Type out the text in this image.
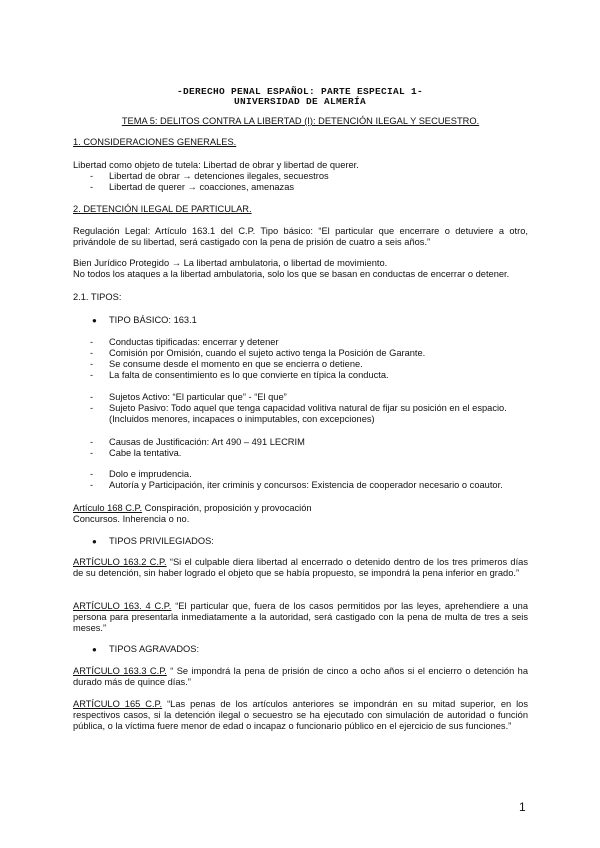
-DERECHO PENAL ESPAÑOL: PARTE ESPECIAL 1-
UNIVERSIDAD DE ALMERÍA
TEMA 5: DELITOS CONTRA LA LIBERTAD (I): DETENCIÓN ILEGAL Y SECUESTRO.
1. CONSIDERACIONES GENERALES.
Libertad como objeto de tutela: Libertad de obrar y libertad de querer.
- Libertad de obrar → detenciones ilegales, secuestros
- Libertad de querer → coacciones, amenazas
2. DETENCIÓN ILEGAL DE PARTICULAR.
Regulación Legal: Artículo 163.1 del C.P. Tipo básico: “El particular que encerrare o detuviere a otro, privándole de su libertad, será castigado con la pena de prisión de cuatro a seis años.”
Bien Jurídico Protegido → La libertad ambulatoria, o libertad de movimiento.
No todos los ataques a la libertad ambulatoria, solo los que se basan en conductas de encerrar o detener.
2.1. TIPOS:
● TIPO BÁSICO: 163.1
- Conductas tipificadas: encerrar y detener
- Comisión por Omisión, cuando el sujeto activo tenga la Posición de Garante.
- Se consume desde el momento en que se encierra o detiene.
- La falta de consentimiento es lo que convierte en típica la conducta.
- Sujetos Activo: “El particular que” - “El que”
- Sujeto Pasivo: Todo aquel que tenga capacidad volitiva natural de fijar su posición en el espacio. (Incluidos menores, incapaces o inimputables, con excepciones)
- Causas de Justificación: Art 490 – 491 LECRIM
- Cabe la tentativa.
- Dolo e imprudencia.
- Autoría y Participación, iter criminis y concursos: Existencia de cooperador necesario o coautor.
Artículo 168 C.P. Conspiración, proposición y provocación
Concursos. Inherencia o no.
● TIPOS PRIVILEGIADOS:
ARTÍCULO 163.2 C.P. “Si el culpable diera libertad al encerrado o detenido dentro de los tres primeros días de su detención, sin haber logrado el objeto que se había propuesto, se impondrá la pena inferior en grado.”
ARTÍCULO 163. 4 C.P. “El particular que, fuera de los casos permitidos por las leyes, aprehendiere a una persona para presentarla inmediatamente a la autoridad, será castigado con la pena de multa de tres a seis meses.”
● TIPOS AGRAVADOS:
ARTÍCULO 163.3 C.P. “ Se impondrá la pena de prisión de cinco a ocho años si el encierro o detención ha durado más de quince días.”
ARTÍCULO 165 C.P. “Las penas de los artículos anteriores se impondrán en su mitad superior, en los respectivos casos, si la detención ilegal o secuestro se ha ejecutado con simulación de autoridad o función pública, o la víctima fuere menor de edad o incapaz o funcionario público en el ejercicio de sus funciones.”
1
